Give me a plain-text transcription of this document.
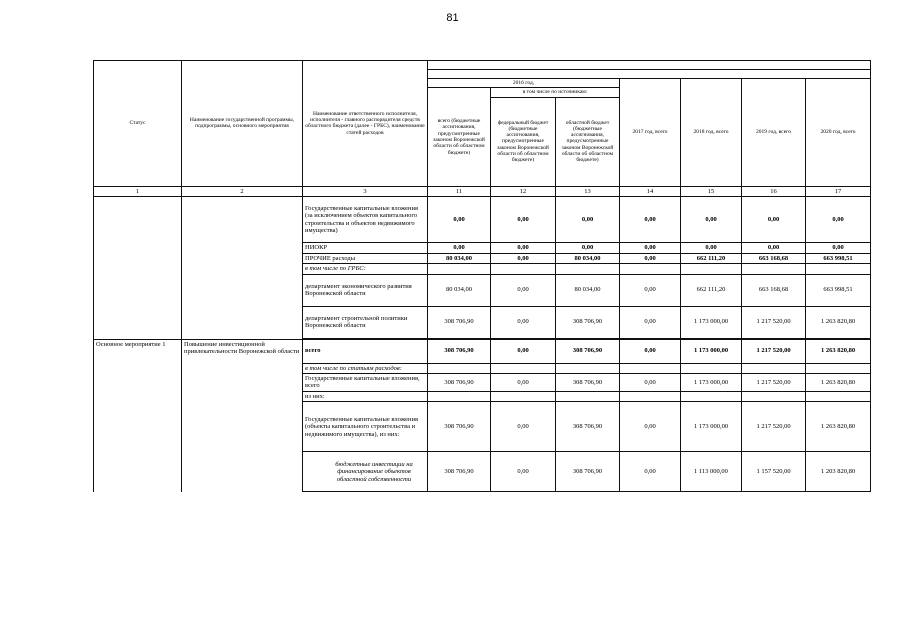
81
Статус	Наименование государственной программы, подпрограммы, основного мероприятия	Наименование ответственного исполнителя, исполнителя - главного распорядителя средств областного бюджета (далее - ГРБС), наименование статей расходов							

			2016 год,			2017 год, всего	2018 год, всего	2019 год, всего	2020 год, всего
			всего (бюджетные ассигнования, предусмотренные законом Воронежской области об областном бюджете)	в том числе по источникам:					
				федеральный бюджет (бюджетные ассигнования, предусмотренные законом Воронежской области об областном бюджете)	областной бюджет (бюджетные ассигнования, предусмотренные законом Воронежской области об областном бюджете)				
1	2	3	11	12	13	14	15	16	17
		Государственные капитальные вложения (за исключением объектов капитального строительства и объектов недвижимого имущества)	0,00	0,00	0,00	0,00	0,00	0,00	0,00
		НИОКР	0,00	0,00	0,00	0,00	0,00	0,00	0,00
		ПРОЧИЕ расходы	80 034,00	0,00	80 034,00	0,00	662 111,20	663 168,68	663 998,51
		в том числе по ГРБС:							
		департамент экономического развития Воронежской области	80 034,00	0,00	80 034,00	0,00	662 111,20	663 168,68	663 998,51
		департамент строительной политики Воронежской области	308 706,90	0,00	308 706,90	0,00	1 173 000,00	1 217 520,00	1 263 820,80

Основное мероприятие 1	Повышение инвестиционной привлекательности Воронежской области	всего	308 706,90	0,00	308 706,90	0,00	1 173 000,00	1 217 520,00	1 263 820,80
		в том числе по статьям расходов:							
		Государственные капитальные вложения, всего	308 706,90	0,00	308 706,90	0,00	1 173 000,00	1 217 520,00	1 263 820,80
		из них:							
		Государственные капитальные вложения (объекты капитального строительства и недвижимого имущества), из них:	308 706,90	0,00	308 706,90	0,00	1 173 000,00	1 217 520,00	1 263 820,80
		бюджетные инвестиции на финансирование объектов областной собственности	308 706,90	0,00	308 706,90	0,00	1 113 000,00	1 157 520,00	1 203 820,80
